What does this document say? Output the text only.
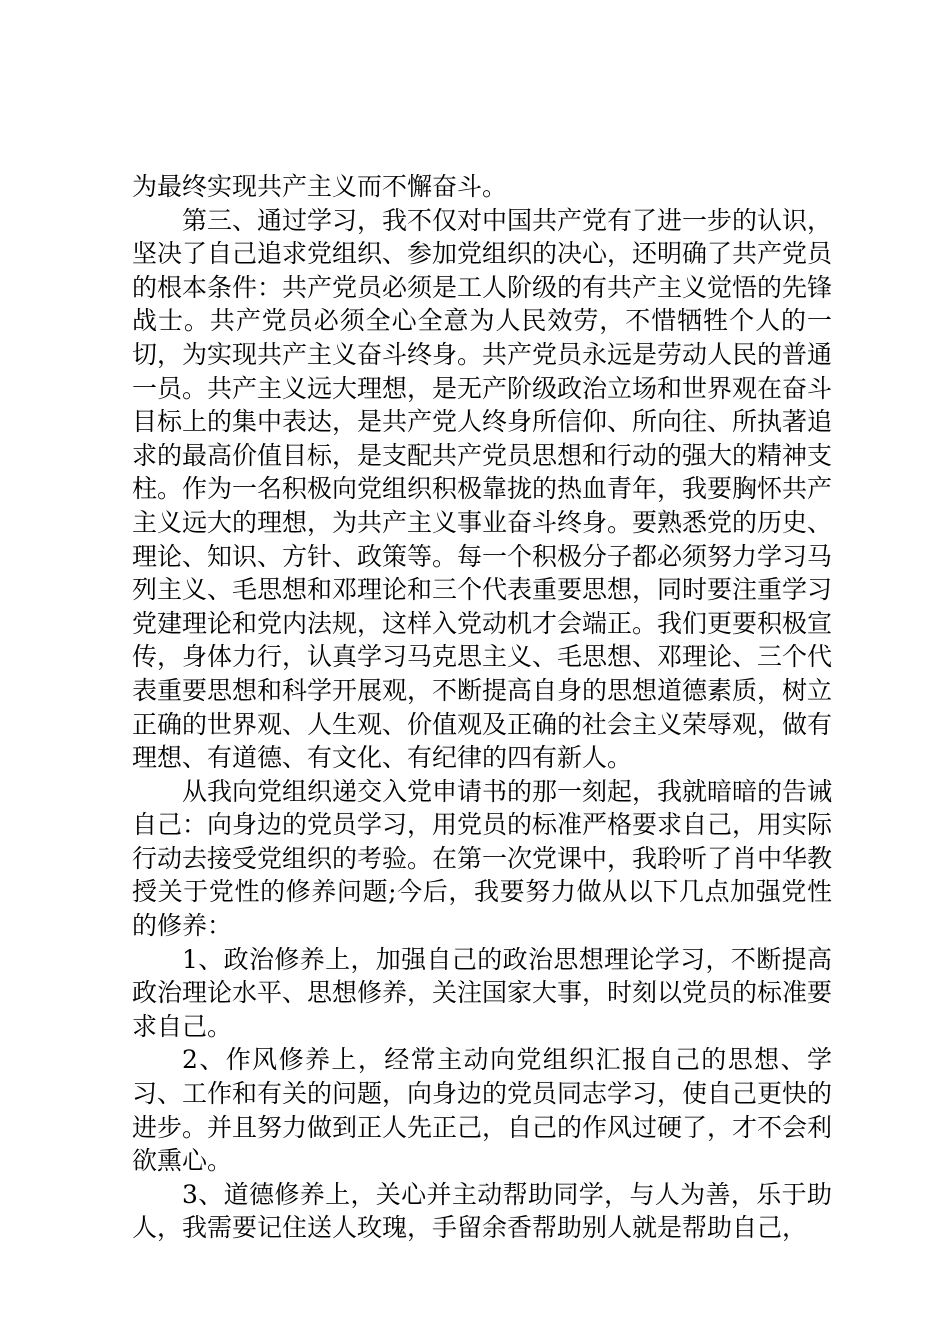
为最终实现共产主义而不懈奋斗。

第三、通过学习，我不仅对中国共产党有了进一步的认识，坚决了自己追求党组织、参加党组织的决心，还明确了共产党员的根本条件：共产党员必须是工人阶级的有共产主义觉悟的先锋战士。共产党员必须全心全意为人民效劳，不惜牺牲个人的一切，为实现共产主义奋斗终身。共产党员永远是劳动人民的普通一员。共产主义远大理想，是无产阶级政治立场和世界观在奋斗目标上的集中表达，是共产党人终身所信仰、所向往、所执著追求的最高价值目标，是支配共产党员思想和行动的强大的精神支柱。作为一名积极向党组织积极靠拢的热血青年，我要胸怀共产主义远大的理想，为共产主义事业奋斗终身。要熟悉党的历史、理论、知识、方针、政策等。每一个积极分子都必须努力学习马列主义、毛思想和邓理论和三个代表重要思想，同时要注重学习党建理论和党内法规，这样入党动机才会端正。我们更要积极宣传，身体力行，认真学习马克思主义、毛思想、邓理论、三个代表重要思想和科学开展观，不断提高自身的思想道德素质，树立正确的世界观、人生观、价值观及正确的社会主义荣辱观，做有理想、有道德、有文化、有纪律的四有新人。

从我向党组织递交入党申请书的那一刻起，我就暗暗的告诫自己：向身边的党员学习，用党员的标准严格要求自己，用实际行动去接受党组织的考验。在第一次党课中，我聆听了肖中华教授关于党性的修养问题;今后，我要努力做从以下几点加强党性的修养：

1、政治修养上，加强自己的政治思想理论学习，不断提高政治理论水平、思想修养，关注国家大事，时刻以党员的标准要求自己。

2、作风修养上，经常主动向党组织汇报自己的思想、学习、工作和有关的问题，向身边的党员同志学习，使自己更快的进步。并且努力做到正人先正己，自己的作风过硬了，才不会利欲熏心。

3、道德修养上，关心并主动帮助同学，与人为善，乐于助人，我需要记住送人玫瑰，手留余香帮助别人就是帮助自己，
